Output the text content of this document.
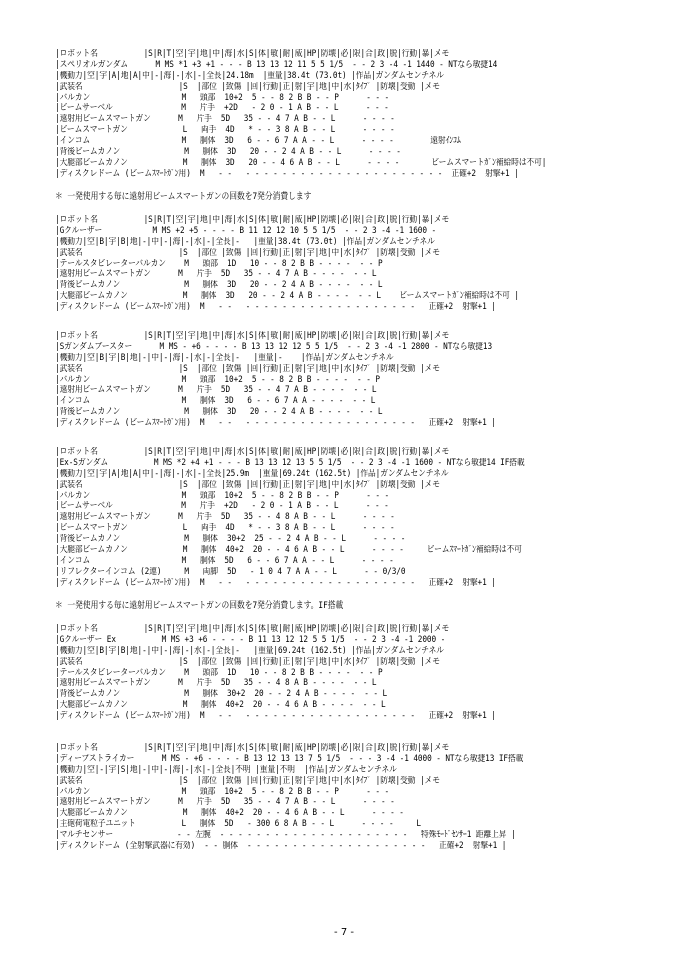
|ロボット名          |S|R|T|空|宇|地|中|海|水|S|体|敏|耐|威|HP|防壊|必|限|合|政|脱|行動|暴|メモ
|スペリオルガンダム      M MS *1 +3 +1 - - - B 13 13 12 11 5 5 1/5  - - 2 3 -4 -1 1440 - NTなら敏捷14
|機動力|空|宇|A|地|A|中|-|海|-|水|-|全長|24.18m  |重量|38.4t (73.0t) |作品|ガンダムセンチネル
|武装名                     |S  |部位 |致傷 |回|行動|正|射|宇|地|中|水|ﾀｲﾌﾟ |防壊|受動 |メモ
|バルカン                    M   頭部  10+2  5 - - 8 2 B B - - P      - - -
|ビームサーベル               M   片手  +2D   - 2 0 - 1 A B - - L      - - -
|遠射用ビームスマートガン      M   片手  5D   35 - - 4 7 A B - - L      - - - -
|ビームスマートガン            L   両手  4D   * - - 3 8 A B - - L      - - - -
|インコム                    M   胴体  3D   6 - - 6 7 A A - - L      - - - -        遠射ｲﾝｺﾑ
|背後ビームカノン              M   胴体  3D   20 - - 2 4 A B - - L      - - - -
|大腿部ビームカノン            M   胴体  3D   20 - - 4 6 A B - - L      - - - -       ビームスマートｶﾞﾝ補給時は不可|
|ディスクレドーム (ビームｽﾏｰﾄｶﾞﾝ用)  M   - -   - - - - - - - - - - - - - - - - - - - - - -  正確+2  射撃+1 |
＊ 一発使用する毎に遠射用ビームスマートガンの回数を7発分消費します
|ロボット名          |S|R|T|空|宇|地|中|海|水|S|体|敏|耐|威|HP|防壊|必|限|合|政|脱|行動|暴|メモ
|Gクルーザー           M MS +2 +5 - - - - B 11 12 12 10 5 5 1/5  - - 2 3 -4 -1 1600 -
|機動力|空|B|宇|B|地|-|中|-|海|-|水|-|全長|-   |重量|38.4t (73.0t) |作品|ガンダムセンチネル
|武装名                     |S  |部位 |致傷 |回|行動|正|射|宇|地|中|水|ﾀｲﾌﾟ |防壊|受動 |メモ
|テールスタビレーターバルカン    M   頭部  1D   10 - - 8 2 B B - - - -  - - P
|遠射用ビームスマートガン      M   片手  5D   35 - - 4 7 A B - - - -  - - L
|背後ビームカノン              M   胴体  3D   20 - - 2 4 A B - - - -  - - L
|大腿部ビームカノン            M   胴体  3D   20 - - 2 4 A B - - - -  - - L    ビームスマートｶﾞﾝ補給時は不可 |
|ディスクレドーム (ビームｽﾏｰﾄｶﾞﾝ用)  M   - -   - - - - - - - - - - - - - - - - - - -   正確+2  射撃+1 |
|ロボット名          |S|R|T|空|宇|地|中|海|水|S|体|敏|耐|威|HP|防壊|必|限|合|政|脱|行動|暴|メモ
|Sガンダムブースター      M MS - +6 - - - - B 13 13 12 12 5 5 1/5  - - 2 3 -4 -1 2800 - NTなら敏捷13
|機動力|空|B|宇|B|地|-|中|-|海|-|水|-|全長|-   |重量|-    |作品|ガンダムセンチネル
|武装名                     |S  |部位 |致傷 |回|行動|正|射|宇|地|中|水|ﾀｲﾌﾟ |防壊|受動 |メモ
|バルカン                    M   頭部  10+2  5 - - 8 2 B B - - - -  - - P
|遠射用ビームスマートガン      M   片手  5D   35 - - 4 7 A B - - - -  - - L
|インコム                    M   胴体  3D   6 - - 6 7 A A - - - -  - - L
|背後ビームカノン              M   胴体  3D   20 - - 2 4 A B - - - -  - - L
|ディスクレドーム (ビームｽﾏｰﾄｶﾞﾝ用)  M   - -   - - - - - - - - - - - - - - - - - - -   正確+2  射撃+1 |
|ロボット名          |S|R|T|空|宇|地|中|海|水|S|体|敏|耐|威|HP|防壊|必|限|合|政|脱|行動|暴|メモ
|Ex-Sガンダム          M MS *2 +4 +1 - - - B 13 13 12 13 5 5 1/5  - - 2 3 -4 -1 1600 - NTなら敏捷14 IF搭載
|機動力|空|宇|A|地|A|中|-|海|-|水|-|全長|25.9m  |重量|69.24t (162.5t) |作品|ガンダムセンチネル
|武装名                     |S  |部位 |致傷 |回|行動|正|射|宇|地|中|水|ﾀｲﾌﾟ |防壊|受動 |メモ
|バルカン                    M   頭部  10+2  5 - - 8 2 B B - - P      - - -
|ビームサーベル               M   片手  +2D   - 2 0 - 1 A B - - L      - - -
|遠射用ビームスマートガン      M   片手  5D   35 - - 4 8 A B - - L      - - - -
|ビームスマートガン            L   両手  4D   * - - 3 8 A B - - L      - - - -
|背後ビームカノン              M   胴体  30+2  25 - - 2 4 A B - - L      - - - -
|大腿部ビームカノン            M   胴体  40+2  20 - - 4 6 A B - - L      - - - -     ビームｽﾏｰﾄｶﾞﾝ補給時は不可
|インコム                    M   胴体  5D   6 - - 6 7 A A - - L      - - - -
|リフレクターインコム (2連)     M   両脚  5D   - 1 0 4 7 A A - - L      - - 0/3/0
|ディスクレドーム (ビームｽﾏｰﾄｶﾞﾝ用)  M   - -   - - - - - - - - - - - - - - - - - - -   正確+2  射撃+1 |
＊ 一発使用する毎に遠射用ビームスマートガンの回数を7発分消費します。IF搭載
|ロボット名          |S|R|T|空|宇|地|中|海|水|S|体|敏|耐|威|HP|防壊|必|限|合|政|脱|行動|暴|メモ
|Gクルーザー Ex          M MS +3 +6 - - - - B 11 13 12 12 5 5 1/5  - - 2 3 -4 -1 2000 -
|機動力|空|B|宇|B|地|-|中|-|海|-|水|-|全長|-   |重量|69.24t (162.5t) |作品|ガンダムセンチネル
|武装名                     |S  |部位 |致傷 |回|行動|正|射|宇|地|中|水|ﾀｲﾌﾟ |防壊|受動 |メモ
|テールスタビレーターバルカン    M   頭部  1D   10 - - 8 2 B B - - - -  - - P
|遠射用ビームスマートガン      M   片手  5D   35 - - 4 8 A B - - - -  - - L
|背後ビームカノン              M   胴体  30+2  20 - - 2 4 A B - - - -  - - L
|大腿部ビームカノン            M   胴体  40+2  20 - - 4 6 A B - - - -  - - L
|ディスクレドーム (ビームｽﾏｰﾄｶﾞﾝ用)  M   - -   - - - - - - - - - - - - - - - - - - -   正確+2  射撃+1 |
|ロボット名          |S|R|T|空|宇|地|中|海|水|S|体|敏|耐|威|HP|防壊|必|限|合|政|脱|行動|暴|メモ
|ディープストライカー      M MS - +6 - - - - B 13 12 13 13 7 5 1/5  - - - 3 -4 -1 4000 - NTなら敏捷13 IF搭載
|機動力|空|-|宇|S|地|-|中|-|海|-|水|-|全長|不明 |重量|不明  |作品|ガンダムセンチネル
|武装名                     |S  |部位 |致傷 |回|行動|正|射|宇|地|中|水|ﾀｲﾌﾟ |防壊|受動 |メモ
|バルカン                    M   頭部  10+2  5 - - 8 2 B B - - P      - - -
|遠射用ビームスマートガン      M   片手  5D   35 - - 4 7 A B - - L      - - - -
|大腿部ビームカノン            M   胴体  40+2  20 - - 4 6 A B - - L      - - - -
|主砲荷電粒子ユニット          L   胴体  5D   - 300 6 8 A B - - L      - - - -     L
|マルチセンサー              - - 左腕  - - - - - - - - - - - - - - - - - - - - -   特殊ﾓｰﾄﾞｾﾝｻｰ1 距離上昇 |
|ディスクレドーム (全射撃武器に有効)  - - 胴体  - - - - - - - - - - - - - - - - - - - -   正確+2  射撃+1 |
- 7 -
